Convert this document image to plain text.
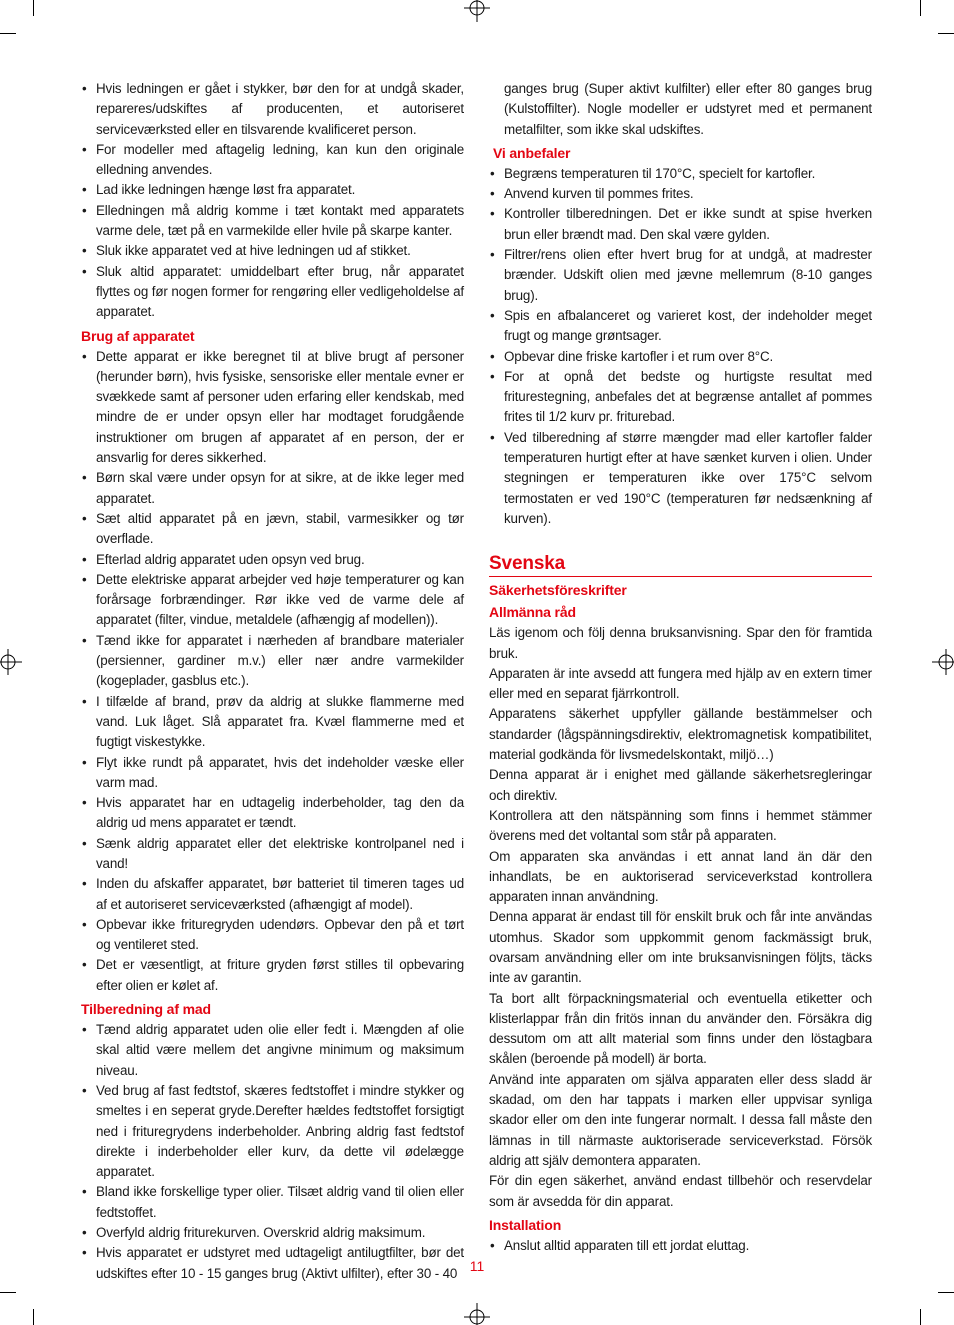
• Hvis ledningen er gået i stykker, bør den for at undgå skader, repareres/udskiftes af producenten, et autoriseret serviceværksted eller en tilsvarende kvalificeret person.
• For modeller med aftagelig ledning, kan kun den originale elledning anvendes.
• Lad ikke ledningen hænge løst fra apparatet.
• Elledningen må aldrig komme i tæt kontakt med apparatets varme dele, tæt på en varmekilde eller hvile på skarpe kanter.
• Sluk ikke apparatet ved at hive ledningen ud af stikket.
• Sluk altid apparatet: umiddelbart efter brug, når apparatet flyttes og før nogen former for rengøring eller vedligeholdelse af apparatet.
Brug af apparatet
• Dette apparat er ikke beregnet til at blive brugt af personer (herunder børn), hvis fysiske, sensoriske eller mentale evner er svækkede samt af personer uden erfaring eller kendskab, med mindre de er under opsyn eller har modtaget forudgående instruktioner om brugen af apparatet af en person, der er ansvarlig for deres sikkerhed.
• Børn skal være under opsyn for at sikre, at de ikke leger med apparatet.
• Sæt altid apparatet på en jævn, stabil, varmesikker og tør overflade.
• Efterlad aldrig apparatet uden opsyn ved brug.
• Dette elektriske apparat arbejder ved høje temperaturer og kan forårsage forbrændinger. Rør ikke ved de varme dele af apparatet (filter, vindue, metaldele (afhængig af modellen)).
• Tænd ikke for apparatet i nærheden af brandbare materialer (persienner, gardiner m.v.) eller nær andre varmekilder (kogeplader, gasblus etc.).
• I tilfælde af brand, prøv da aldrig at slukke flammerne med vand. Luk låget. Slå apparatet fra. Kvæl flammerne med et fugtigt viskestykke.
• Flyt ikke rundt på apparatet, hvis det indeholder væske eller varm mad.
• Hvis apparatet har en udtagelig inderbeholder, tag den da aldrig ud mens apparatet er tændt.
• Sænk aldrig apparatet eller det elektriske kontrolpanel ned i vand!
• Inden du afskaffer apparatet, bør batteriet til timeren tages ud af et autoriseret serviceværksted (afhængigt af model).
• Opbevar ikke frituregryden udendørs. Opbevar den på et tørt og ventileret sted.
• Det er væsentligt, at friture gryden først stilles til opbevaring efter olien er kølet af.
Tilberedning af mad
• Tænd aldrig apparatet uden olie eller fedt i. Mængden af olie skal altid være mellem det angivne minimum og maksimum niveau.
• Ved brug af fast fedtstof, skæres fedtstoffet i mindre stykker og smeltes i en seperat gryde.Derefter hældes fedtstoffet forsigtigt ned i frituregrydens inderbeholder. Anbring aldrig fast fedtstof direkte i inderbeholder eller kurv, da dette vil ødelægge apparatet.
• Bland ikke forskellige typer olier. Tilsæt aldrig vand til olien eller fedtstoffet.
• Overfyld aldrig friturekurven. Overskrid aldrig maksimum.
• Hvis apparatet er udstyret med udtageligt antilugtfilter, bør det udskiftes efter 10 - 15 ganges brug (Aktivt ulfilter), efter 30 - 40
ganges brug (Super aktivt kulfilter) eller efter 80 ganges brug (Kulstoffilter). Nogle modeller er udstyret med et permanent metalfilter, som ikke skal udskiftes.
Vi anbefaler
• Begræns temperaturen til 170°C, specielt for kartofler.
• Anvend kurven til pommes frites.
• Kontroller tilberedningen. Det er ikke sundt at spise hverken brun eller brændt mad. Den skal være gylden.
• Filtrer/rens olien efter hvert brug for at undgå, at madrester brænder. Udskift olien med jævne mellemrum (8-10 ganges brug).
• Spis en afbalanceret og varieret kost, der indeholder meget frugt og mange grøntsager.
• Opbevar dine friske kartofler i et rum over 8°C.
• For at opnå det bedste og hurtigste resultat med friturestegning, anbefales det at begrænse antallet af pommes frites til 1/2 kurv pr. friturebad.
• Ved tilberedning af større mængder mad eller kartofler falder temperaturen hurtigt efter at have sænket kurven i olien. Under stegningen er temperaturen ikke over 175°C selvom termostaten er ved 190°C (temperaturen før nedsænkning af kurven).
Svenska
Säkerhetsföreskrifter
Allmänna råd

Läs igenom och följ denna bruksanvisning. Spar den för framtida bruk.

Apparaten är inte avsedd att fungera med hjälp av en extern timer eller med en separat fjärrkontroll.

Apparatens säkerhet uppfyller gällande bestämmelser och standarder (lågspänningsdirektiv, elektromagnetisk kompatibilitet, material godkända för livsmedelskontakt, miljö…)

Denna apparat är i enighet med gällande säkerhetsregleringar och direktiv.

Kontrollera att den nätspänning som finns i hemmet stämmer överens med det voltantal som står på apparaten.

Om apparaten ska användas i ett annat land än där den inhandlats, be en auktoriserad serviceverkstad kontrollera apparaten innan användning.

Denna apparat är endast till för enskilt bruk och får inte användas utomhus. Skador som uppkommit genom fackmässigt bruk, ovarsam användning eller om inte bruksanvisningen följts, täcks inte av garantin.

Ta bort allt förpackningsmaterial och eventuella etiketter och klisterlappar från din fritös innan du använder den. Försäkra dig dessutom om att allt material som finns under den löstagbara skålen (beroende på modell) är borta.

Använd inte apparaten om själva apparaten eller dess sladd är skadad, om den har tappats i marken eller uppvisar synliga skador eller om den inte fungerar normalt. I dessa fall måste den lämnas in till närmaste auktoriserade serviceverkstad. Försök aldrig att själv demontera apparaten.

För din egen säkerhet, använd endast tillbehör och reservdelar som är avsedda för din apparat.

Installation
• Anslut alltid apparaten till ett jordat eluttag.
11
